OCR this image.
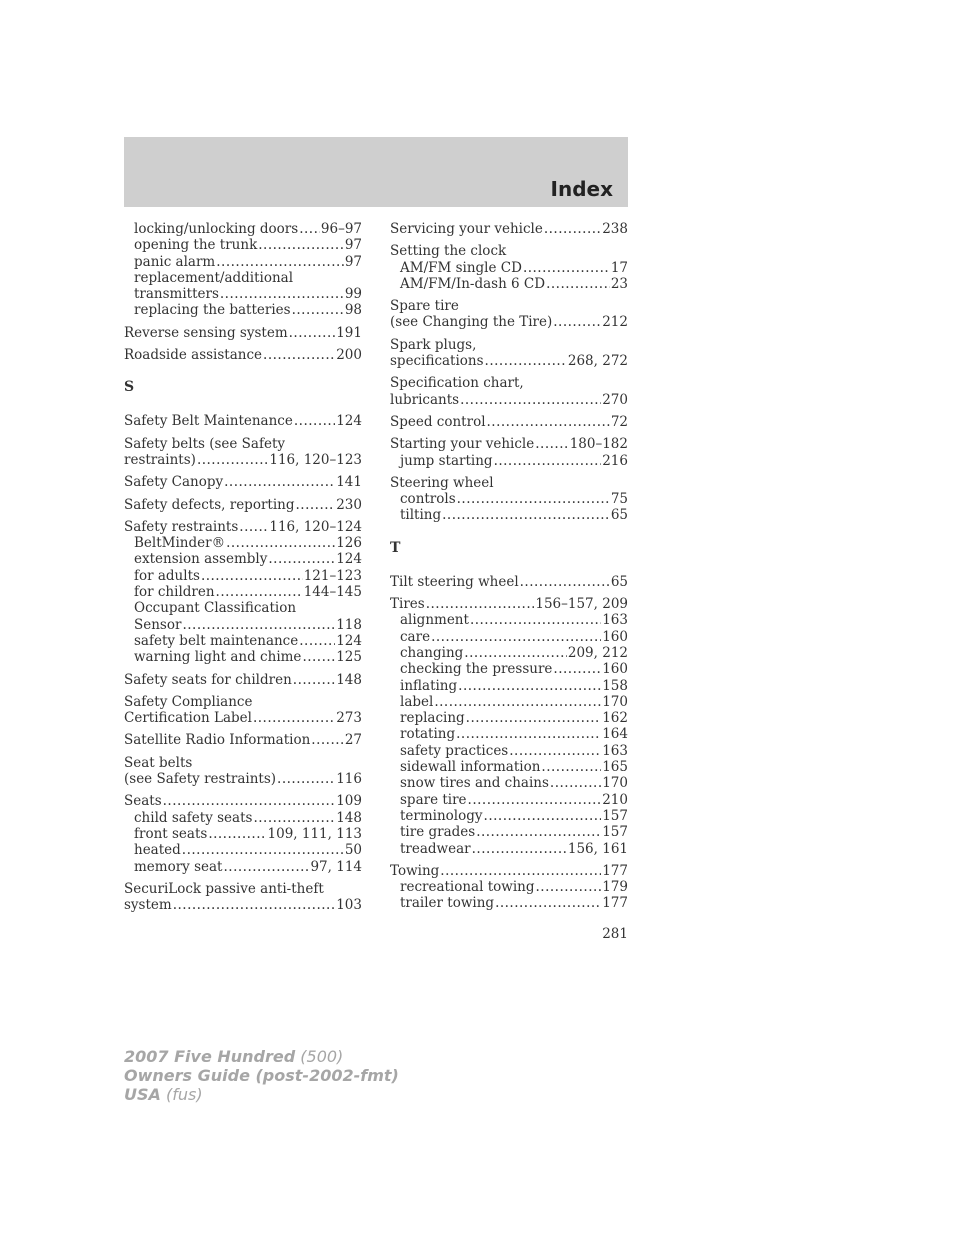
Index
locking/unlocking doors ..... 96–97
opening the trunk .....	97
panic alarm .....	97
replacement/additional
transmitters .....	99
replacing the batteries .....	98
Reverse sensing system .....	191
Roadside assistance .....	200
S
Safety Belt Maintenance .....	124
Safety belts (see Safety
restraints) .....	116, 120–123
Safety Canopy .....	141
Safety defects, reporting .....	230
Safety restraints ..... 116, 120–124
BeltMinder® .....	126
extension assembly .....	124
for adults .....	121–123
for children .....	144–145
Occupant Classification
Sensor .....	118
safety belt maintenance .....	124
warning light and chime .....	125
Safety seats for children .....	148
Safety Compliance
Certification Label .....	273
Satellite Radio Information .....	27
Seat belts
(see Safety restraints) .....	116
Seats .....	109
child safety seats .....	148
front seats .....	109, 111, 113
heated .....	50
memory seat .....	97, 114
SecuriLock passive anti-theft
system .....	103
Servicing your vehicle .....	238
Setting the clock
AM/FM single CD .....	17
AM/FM/In-dash 6 CD .....	23
Spare tire
(see Changing the Tire) .....	212
Spark plugs,
specifications .....	268, 272
Specification chart,
lubricants .....	270
Speed control .....	72
Starting your vehicle .....	180–182
jump starting .....	216
Steering wheel
controls .....	75
tilting .....	65
T
Tilt steering wheel .....	65
Tires .....	156–157, 209
alignment .....	163
care .....	160
changing .....	209, 212
checking the pressure .....	160
inflating .....	158
label .....	170
replacing .....	162
rotating .....	164
safety practices .....	163
sidewall information .....	165
snow tires and chains .....	170
spare tire .....	210
terminology .....	157
tire grades .....	157
treadwear .....	156, 161
Towing .....	177
recreational towing .....	179
trailer towing .....	177
281
2007 Five Hundred (500)
Owners Guide (post-2002-fmt)
USA (fus)
